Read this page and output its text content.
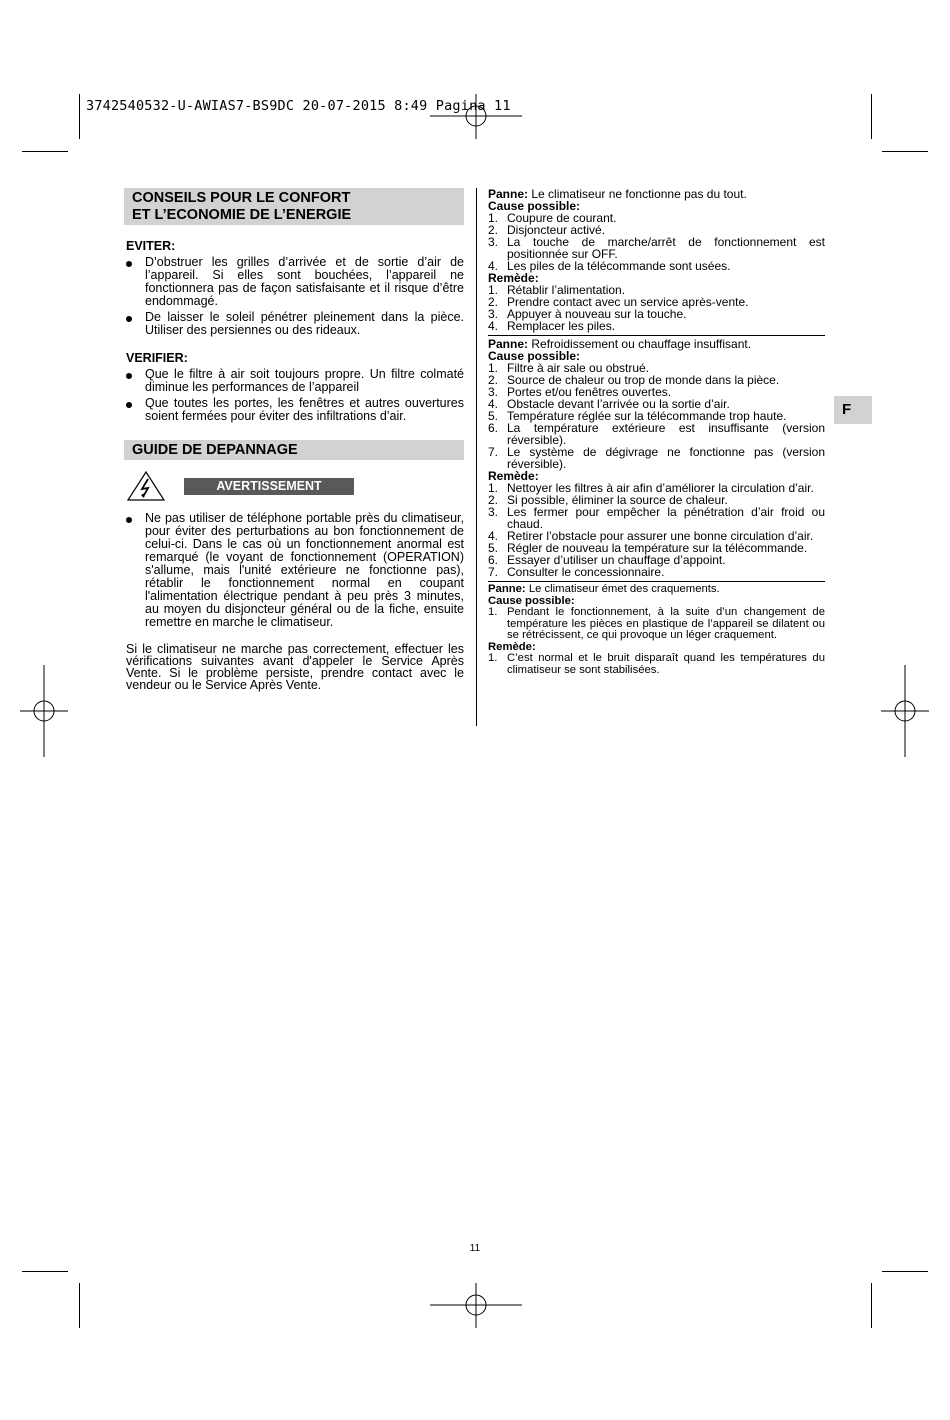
3742540532-U-AWIAS7-BS9DC 20-07-2015 8:49 Pagina 11
CONSEILS POUR LE CONFORT
ET L’ECONOMIE DE L’ENERGIE
EVITER:
D’obstruer les grilles d’arrivée et de sortie d’air de l’appareil. Si elles sont bouchées, l’appareil ne fonctionnera pas de façon satisfaisante et il risque d’être endommagé.
De laisser le soleil pénétrer pleinement dans la pièce. Utiliser des persiennes ou des rideaux.
VERIFIER:
Que le filtre à air soit toujours propre. Un filtre colmaté diminue les performances de l’appareil
Que toutes les portes, les fenêtres et autres ouvertures soient fermées pour éviter des infiltrations d’air.
GUIDE DE DEPANNAGE
AVERTISSEMENT
Ne pas utiliser de téléphone portable près du climatiseur, pour éviter des perturbations au bon fonctionnement de celui-ci. Dans le cas où un fonctionnement anormal est remarqué (le voyant de fonctionnement (OPERATION) s'allume, mais l'unité extérieure ne fonctionne pas), rétablir le fonctionnement normal en coupant l'alimentation électrique pendant à peu près 3 minutes, au moyen du disjoncteur général ou de la fiche, ensuite remettre en marche le climatiseur.
Si le climatiseur ne marche pas correctement, effectuer les vérifications suivantes avant d'appeler le Service Après Vente. Si le problème persiste, prendre contact avec le vendeur ou le Service Après Vente.
Panne: Le climatiseur ne fonctionne pas du tout.
Cause possible:
1. Coupure de courant.
2. Disjoncteur activé.
3. La touche de marche/arrêt de fonctionnement est positionnée sur OFF.
4. Les piles de la télécommande sont usées.
Remède:
1. Rétablir l’alimentation.
2. Prendre contact avec un service après-vente.
3. Appuyer à nouveau sur la touche.
4. Remplacer les piles.
Panne: Refroidissement ou chauffage insuffisant.
Cause possible:
1. Filtre à air sale ou obstrué.
2. Source de chaleur ou trop de monde dans la pièce.
3. Portes et/ou fenêtres ouvertes.
4. Obstacle devant l’arrivée ou la sortie d’air.
5. Température réglée sur la télécommande trop haute.
6. La température extérieure est insuffisante (version réversible).
7. Le système de dégivrage ne fonctionne pas (version réversible).
Remède:
1. Nettoyer les filtres à air afin d’améliorer la circulation d’air.
2. Si possible, éliminer la source de chaleur.
3. Les fermer pour empêcher la pénétration d’air froid ou chaud.
4. Retirer l’obstacle pour assurer une bonne circulation d’air.
5. Régler de nouveau la température sur la télécommande.
6. Essayer d’utiliser un chauffage d’appoint.
7. Consulter le concessionnaire.
Panne: Le climatiseur émet des craquements.
Cause possible:
1. Pendant le fonctionnement, à la suite d’un changement de température les pièces en plastique de l’appareil se dilatent ou se rétrécissent, ce qui provoque un léger craquement.
Remède:
1. C’est normal et le bruit disparaît quand les températures du climatiseur se sont stabilisées.
F
11
